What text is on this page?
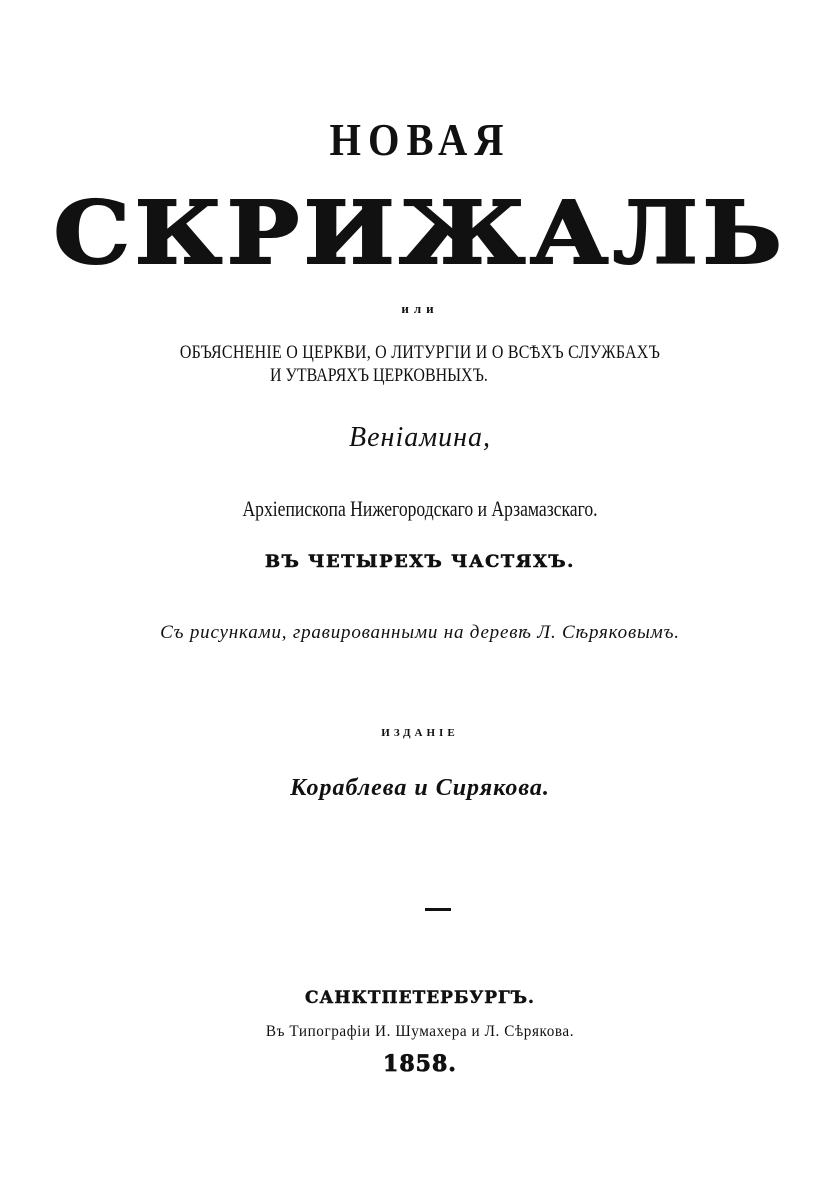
НОВАЯ
СКРИЖАЛЬ
или
ОБЪЯСНЕНІЕ О ЦЕРКВИ, О ЛИТУРГІИ И О ВСѢХЪ СЛУЖБАХЪ
И УТВАРЯХЪ ЦЕРКОВНЫХЪ.
Веніамина,
Архіепископа Нижегородскаго и Арзамазскаго.
ВЪ ЧЕТЫРЕХЪ ЧАСТЯХЪ.
Съ рисунками, гравированными на деревѣ Л. Сѣряковымъ.
ИЗДАНІЕ
Кораблева и Сирякова.
САНКТПЕТЕРБУРГЪ.
Въ Типографіи И. Шумахера и Л. Сѣрякова.
1858.
